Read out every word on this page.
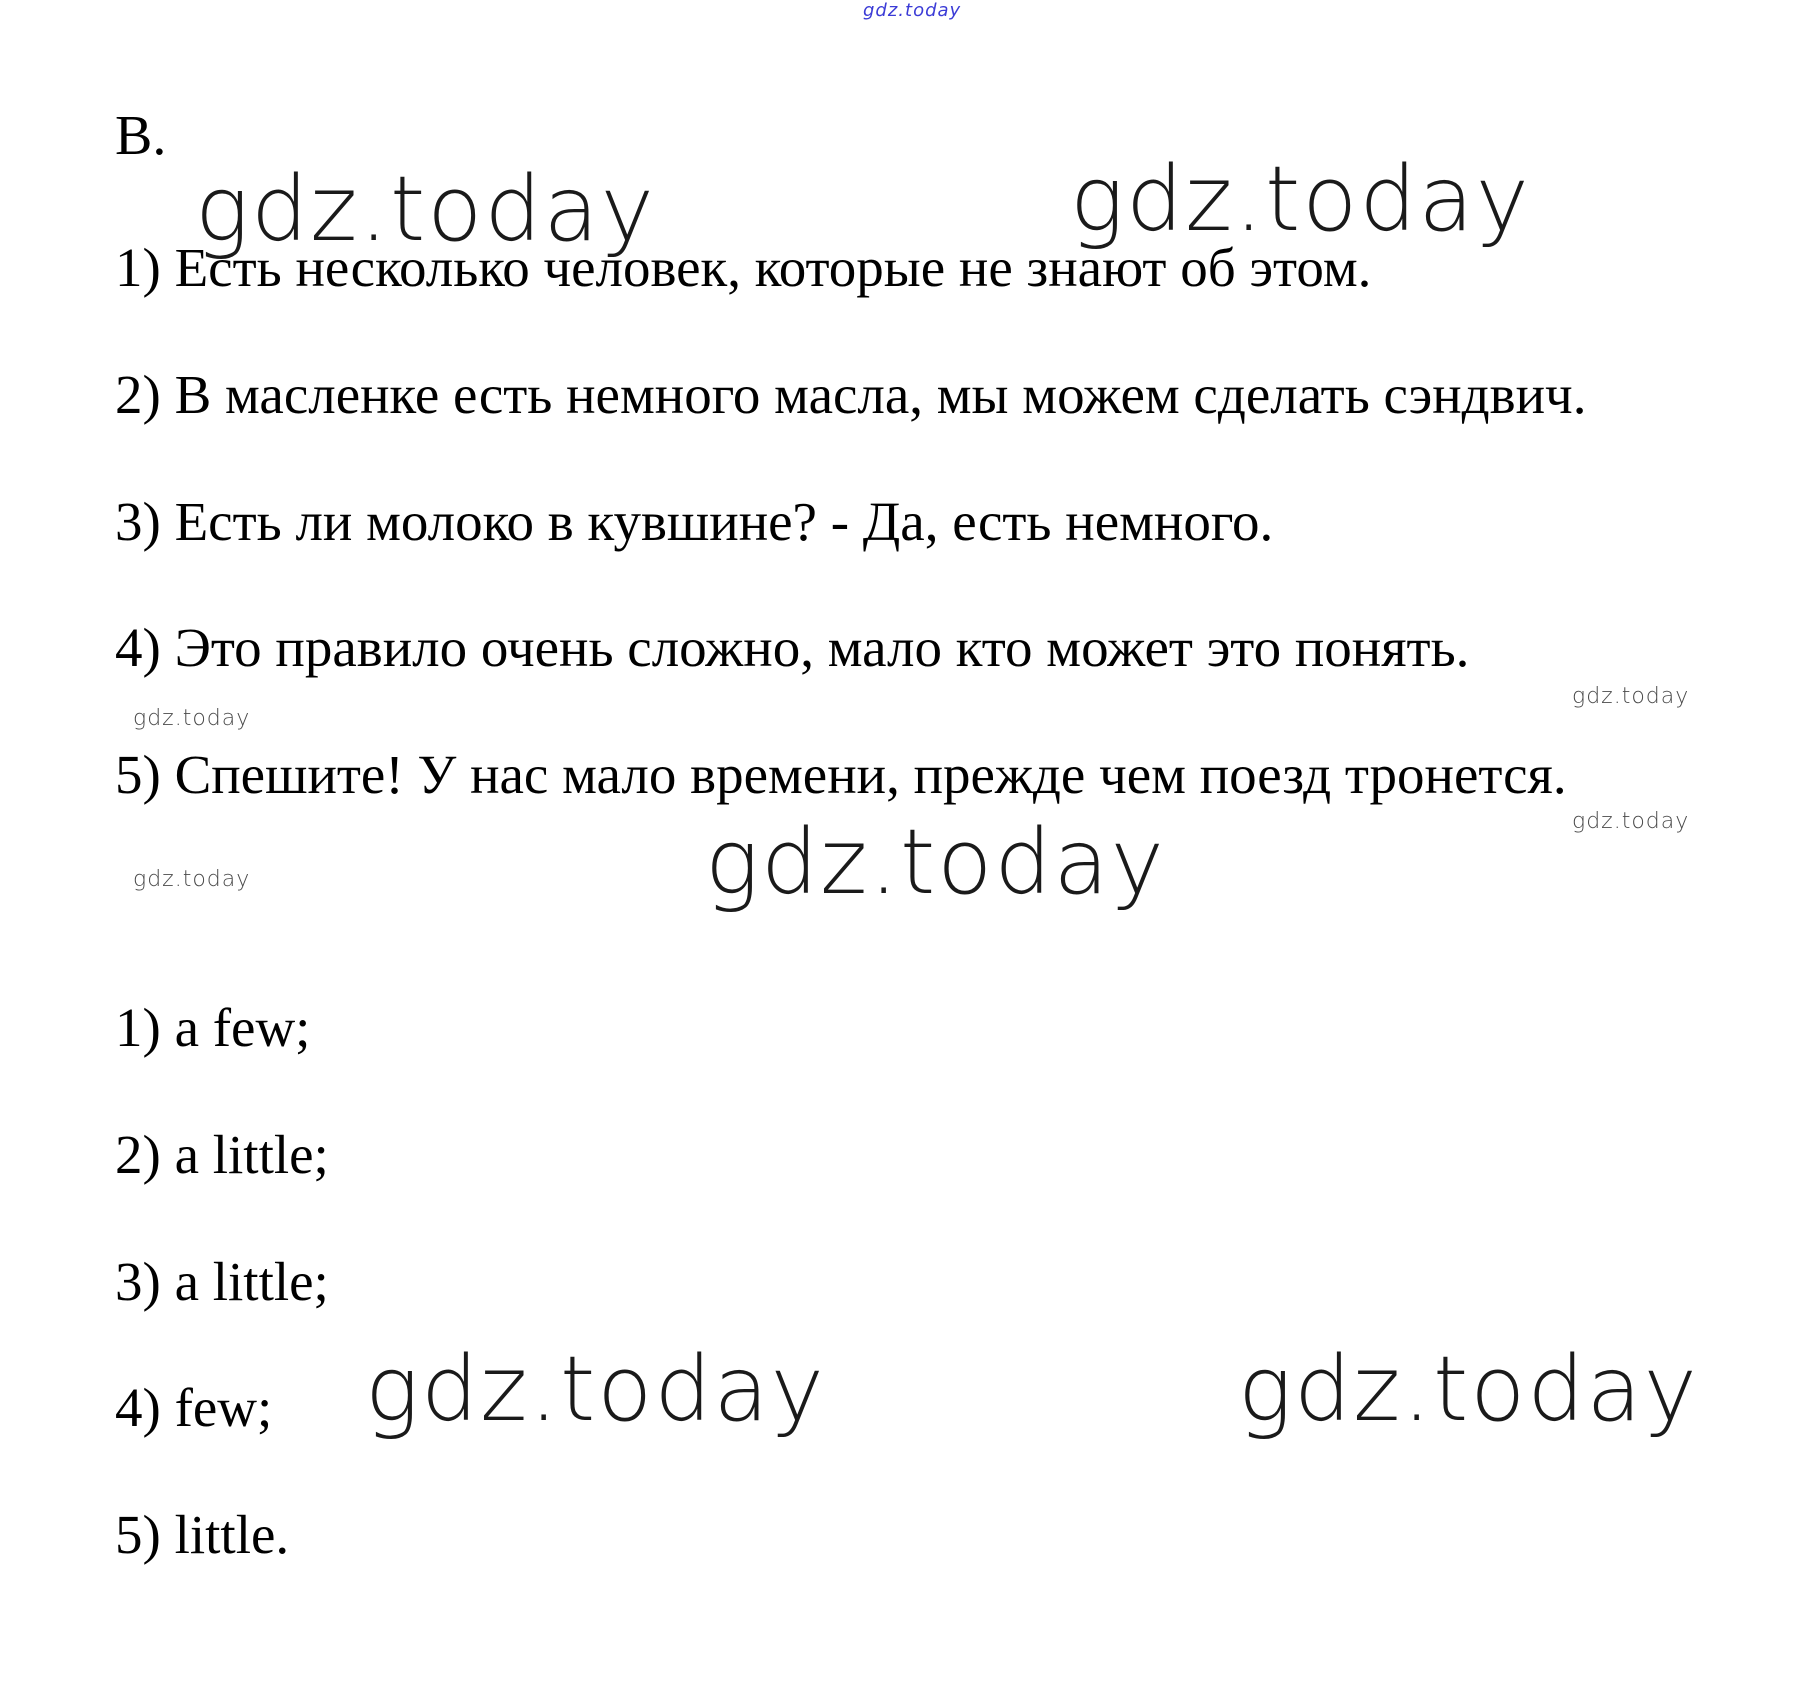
gdz.today
B.
gdz.today	gdz.today
gdz.today
gdz.today	gdz.today
gdz.today
gdz.today
gdz.today
gdz.today
1) Есть несколько человек, которые не знают об этом.
2) В масленке есть немного масла, мы можем сделать сэндвич.
3) Есть ли молоко в кувшине? - Да, есть немного.
4) Это правило очень сложно, мало кто может это понять.
5) Спешите! У нас мало времени, прежде чем поезд тронется.
1) a few;
2) a little;
3) a little;
4) few;
5) little.
